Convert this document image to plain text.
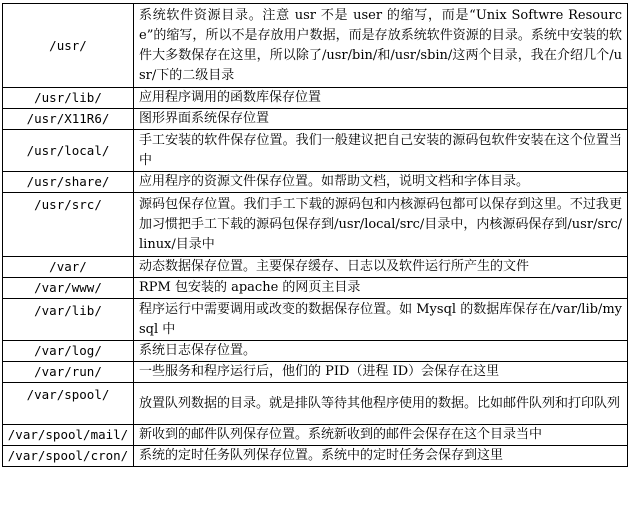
/usr/	系统软件资源目录。注意 usr 不是 user 的缩写，而是“Unix Softwre Resource”的缩写，所以不是存放用户数据，而是存放系统软件资源的目录。系统中安装的软件大多数保存在这里，所以除了/usr/bin/和/usr/sbin/这两个目录，我在介绍几个/usr/下的二级目录
/usr/lib/	应用程序调用的函数库保存位置
/usr/X11R6/	图形界面系统保存位置
/usr/local/	手工安装的软件保存位置。我们一般建议把自己安装的源码包软件安装在这个位置当中
/usr/share/	应用程序的资源文件保存位置。如帮助文档，说明文档和字体目录。
/usr/src/	源码包保存位置。我们手工下载的源码包和内核源码包都可以保存到这里。不过我更加习惯把手工下载的源码包保存到/usr/local/src/目录中，内核源码保存到/usr/src/linux/目录中
/var/	动态数据保存位置。主要保存缓存、日志以及软件运行所产生的文件
/var/www/	RPM 包安装的 apache 的网页主目录
/var/lib/	程序运行中需要调用或改变的数据保存位置。如 Mysql 的数据库保存在/var/lib/mysql 中
/var/log/	系统日志保存位置。
/var/run/	一些服务和程序运行后，他们的 PID（进程 ID）会保存在这里
/var/spool/	放置队列数据的目录。就是排队等待其他程序使用的数据。比如邮件队列和打印队列
/var/spool/mail/	新收到的邮件队列保存位置。系统新收到的邮件会保存在这个目录当中
/var/spool/cron/	系统的定时任务队列保存位置。系统中的定时任务会保存到这里
